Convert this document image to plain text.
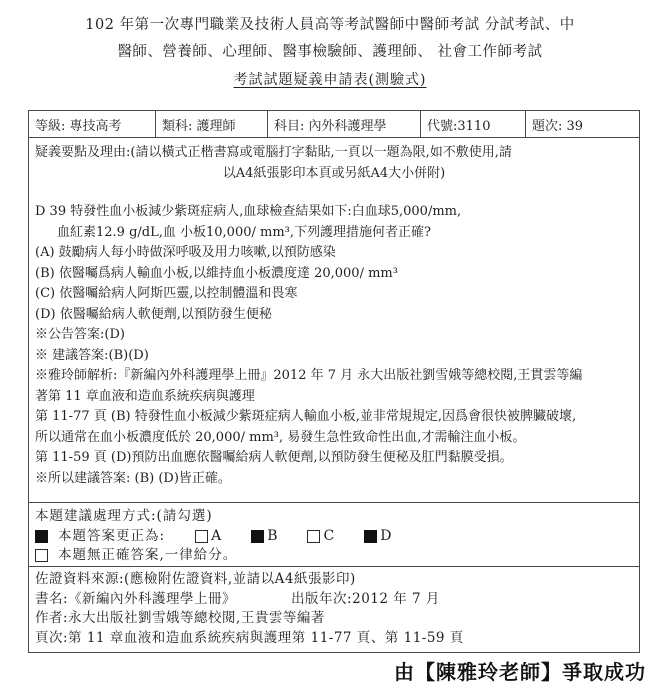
102 年第一次專門職業及技術人員高等考試醫師中醫師考試 分試考試、中
醫師、營養師、心理師、醫事檢驗師、護理師、 社會工作師考試
考試試題疑義申請表(測驗式)
等級: 專技高考	類科: 護理師	科目: 內外科護理學	代號:3110	題次: 39
疑義要點及理由:(請以橫式正楷書寫或電腦打字黏貼,一頁以一題為限,如不敷使用,請
以A4紙張影印本頁或另紙A4大小併附)
D 39 特發性血小板減少紫斑症病人,血球檢查結果如下:白血球5,000/mm,
血紅素12.9 g/dL,血 小板10,000/ mm³,下列護理措施何者正確?
(A) 鼓勵病人每小時做深呼吸及用力咳嗽,以預防感染
(B) 依醫囑爲病人輸血小板,以維持血小板濃度達 20,000/ mm³
(C) 依醫囑給病人阿斯匹靈,以控制體溫和畏寒
(D) 依醫囑給病人軟便劑,以預防發生便秘
※公告答案:(D)
※ 建議答案:(B)(D)
※雅玲師解析:『新編內外科護理學上冊』2012 年 7 月 永大出版社劉雪娥等總校閱,王貫雲等編
著第 11 章血液和造血系統疾病與護理
第 11-77 頁 (B) 特發性血小板減少紫斑症病人輸血小板,並非常規規定,因爲會很快被脾臟破壞,
所以通常在血小板濃度低於 20,000/ mm³, 易發生急性致命性出血,才需輸注血小板。
第 11-59 頁 (D)預防出血應依醫囑給病人軟便劑,以預防發生便秘及肛門黏膜受損。
※所以建議答案: (B) (D)皆正確。
本題建議處理方式:(請勾選)
本題答案更正為:	A	B	C	D
本題無正確答案,一律給分。
佐證資料來源:(應檢附佐證資料,並請以A4紙張影印)
書名:《新編內外科護理學上冊》	出版年次:2012 年 7 月
作者:永大出版社劉雪娥等總校閱,王貴雲等編著
頁次:第 11 章血液和造血系統疾病與護理第 11-77 頁、第 11-59 頁
由【陳雅玲老師】爭取成功
